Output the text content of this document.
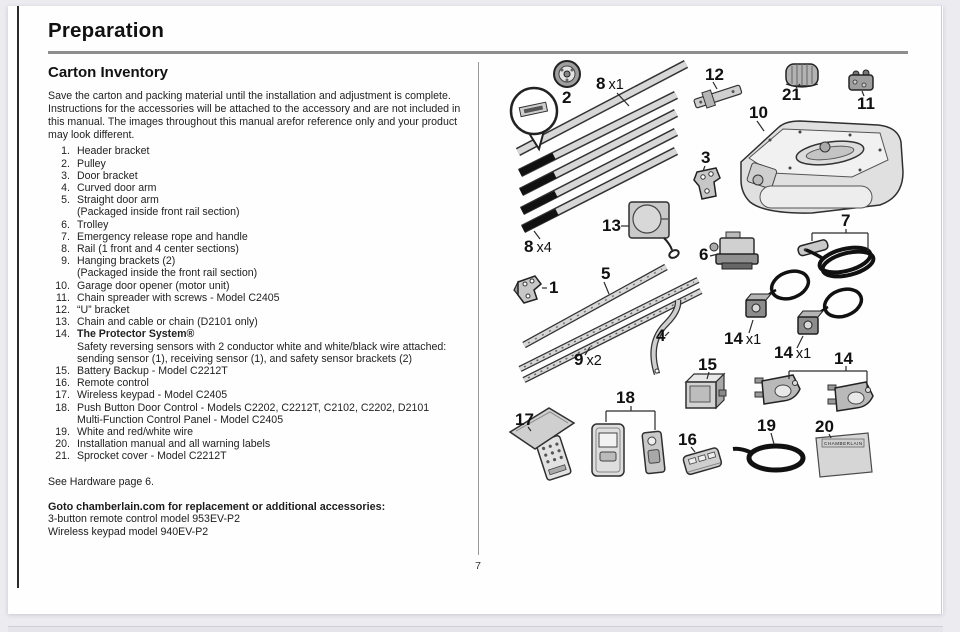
Preparation
Carton Inventory

Save the carton and packing material until the installation and adjustment is complete. Instructions for the accessories will be attached to the accessory and are not included in this manual. The images throughout this manual arefor reference only and your product may look different.

1. Header bracket
2. Pulley
3. Door bracket
4. Curved door arm
5. Straight door arm
(Packaged inside front rail section)
6. Trolley
7. Emergency release rope and handle
8. Rail (1 front and 4 center sections)
9. Hanging brackets (2)
(Packaged inside the front rail section)
10. Garage door opener (motor unit)
11. Chain spreader with screws - Model C2405
12. “U” bracket
13. Chain and cable or chain (D2101 only)
14. The Protector System®
Safety reversing sensors with 2 conductor white and white/black wire attached: sending sensor (1), receiving sensor (1), and safety sensor brackets (2)
15. Battery Backup - Model C2212T
16. Remote control
17. Wireless keypad - Model C2405
18. Push Button Door Control - Models C2202, C2212T, C2102, C2202, D2101
Multi-Function Control Panel - Model C2405
19. White and red/white wire
20. Installation manual and all warning labels
21. Sprocket cover - Model C2212T
See Hardware page 6.
Goto chamberlain.com for replacement or additional accessories:
3-button remote control model 953EV-P2
Wireless keypad model 940EV-P2
7
CHAMBERLAIN
2
8 x1
12
21	11
10
3
13
8 x4
7
6
1
5
9 x2
4	14 x1
14 x1 14
15
17
18
16
19 20
